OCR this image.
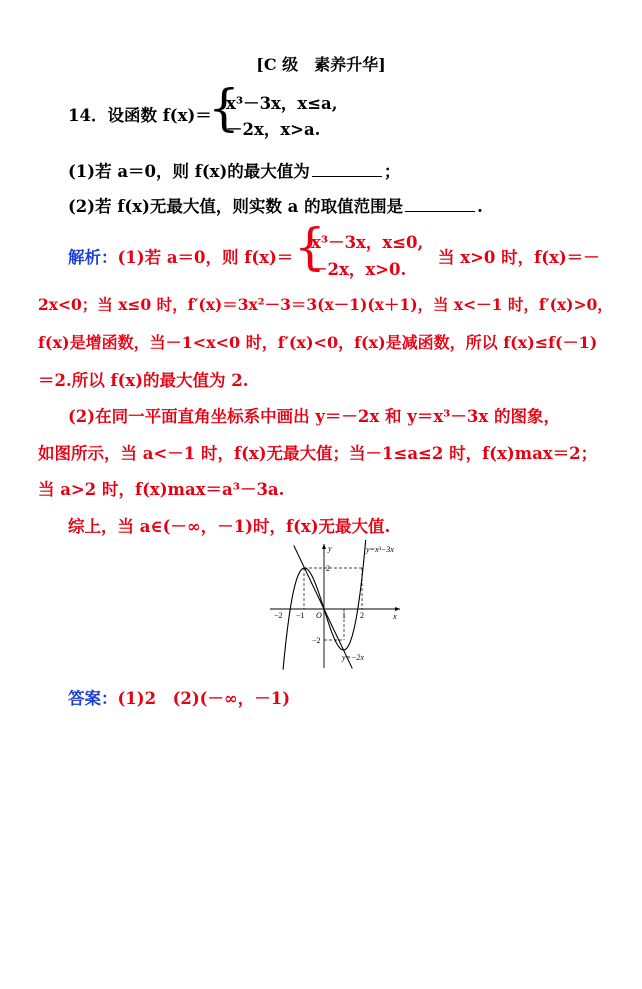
[C 级　素养升华]
14．设函数 f(x)＝
{
x³－3x，x≤a,
－2x，x>a.
(1)若 a＝0，则 f(x)的最大值为	；
(2)若 f(x)无最大值，则实数 a 的取值范围是	.
解析：(1)若 a＝0，则 f(x)＝ {
x³－3x，x≤0,
－2x，x>0.
当 x>0 时，f(x)＝－
2x<0；当 x≤0 时，f′(x)＝3x²－3＝3(x－1)(x＋1)，当 x<－1 时，f′(x)>0，
f(x)是增函数，当－1<x<0 时，f′(x)<0，f(x)是减函数，所以 f(x)≤f(－1)
＝2.所以 f(x)的最大值为 2.
(2)在同一平面直角坐标系中画出 y＝－2x 和 y＝x³－3x 的图象，
如图所示，当 a<－1 时，f(x)无最大值；当－1≤a≤2 时，f(x)max＝2；
当 a>2 时，f(x)max＝a³－3a.
综上，当 a∈(－∞，－1)时，f(x)无最大值.
y=x³−3x
y=−2x
x
y
O
−2 −1	1 2
2
−2
答案：(1)2　(2)(－∞，－1)
